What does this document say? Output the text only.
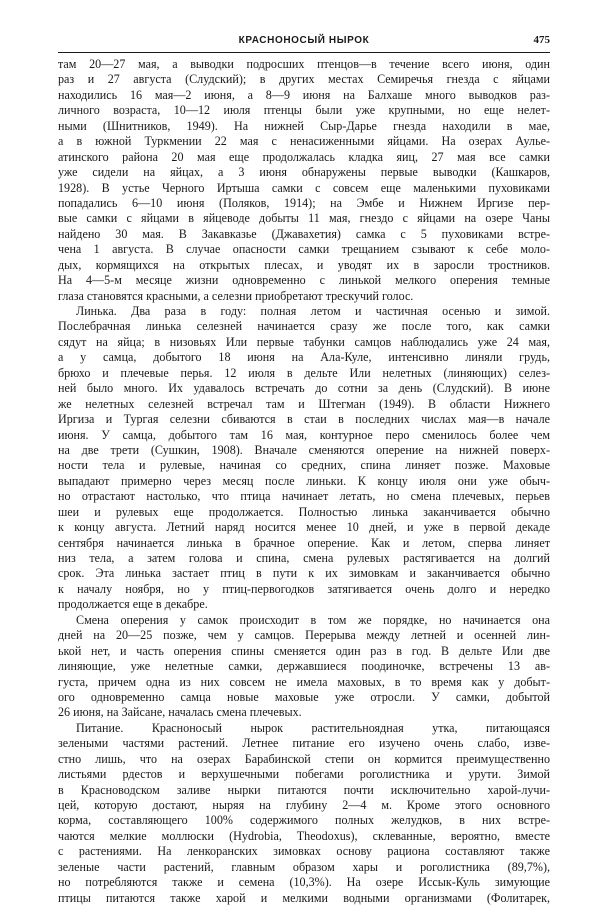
КРАСНОНОСЫЙ НЫРОК	475
там 20—27 мая, а выводки подросших птенцов—в течение всего июня, один
раз и 27 августа (Слудский); в других местах Семиречья гнезда с яйцами
находились 16 мая—2 июня, а 8—9 июня на Балхаше много выводков раз-
личного возраста, 10—12 июля птенцы были уже крупными, но еще нелет-
ными (Шнитников, 1949). На нижней Сыр-Дарье гнезда находили в мае,
а в южной Туркмении 22 мая с ненасиженными яйцами. На озерах Аулье-
атинского района 20 мая еще продолжалась кладка яиц, 27 мая все самки
уже сидели на яйцах, а 3 июня обнаружены первые выводки (Кашкаров,
1928). В устье Черного Иртыша самки с совсем еще маленькими пуховиками
попадались 6—10 июня (Поляков, 1914); на Эмбе и Нижнем Иргизе пер-
вые самки с яйцами в яйцеводе добыты 11 мая, гнездо с яйцами на озере Чаны
найдено 30 мая. В Закавказье (Джавахетия) самка с 5 пуховиками встре-
чена 1 августа. В случае опасности самки трещанием сзывают к себе моло-
дых, кормящихся на открытых плесах, и уводят их в заросли тростников.
На 4—5-м месяце жизни одновременно с линькой мелкого оперения темные
глаза становятся красными, а селезни приобретают трескучий голос.
Линька. Два раза в году: полная летом и частичная осенью и зимой.
Послебрачная линька селезней начинается сразу же после того, как самки
сядут на яйца; в низовьях Или первые табунки самцов наблюдались уже 24 мая,
а у самца, добытого 18 июня на Ала-Куле, интенсивно линяли грудь,
брюхо и плечевые перья. 12 июля в дельте Или нелетных (линяющих) селез-
ней было много. Их удавалось встречать до сотни за день (Слудский). В июне
же нелетных селезней встречал там и Штегман (1949). В области Нижнего
Иргиза и Тургая селезни сбиваются в стаи в последних числах мая—в начале
июня. У самца, добытого там 16 мая, контурное перо сменилось более чем
на две трети (Сушкин, 1908). Вначале сменяются оперение на нижней поверх-
ности тела и рулевые, начиная со средних, спина линяет позже. Маховые
выпадают примерно через месяц после линьки. К концу июля они уже обыч-
но отрастают настолько, что птица начинает летать, но смена плечевых, перьев
шеи и рулевых еще продолжается. Полностью линька заканчивается обычно
к концу августа. Летний наряд носится менее 10 дней, и уже в первой декаде
сентября начинается линька в брачное оперение. Как и летом, сперва линяет
низ тела, а затем голова и спина, смена рулевых растягивается на долгий
срок. Эта линька застает птиц в пути к их зимовкам и заканчивается обычно
к началу ноября, но у птиц-первогодков затягивается очень долго и нередко
продолжается еще в декабре.
Смена оперения у самок происходит в том же порядке, но начинается она
дней на 20—25 позже, чем у самцов. Перерыва между летней и осенней лин-
ькой нет, и часть оперения спины сменяется один раз в год. В дельте Или две
линяющие, уже нелетные самки, державшиеся поодиночке, встречены 13 ав-
густа, причем одна из них совсем не имела маховых, в то время как у добыт-
ого одновременно самца новые маховые уже отросли. У самки, добытой
26 июня, на Зайсане, началась смена плечевых.
Питание. Красноносый нырок растительноядная утка, питающаяся
зелеными частями растений. Летнее питание его изучено очень слабо, изве-
стно лишь, что на озерах Барабинской степи он кормится преимущественно
листьями рдестов и верхушечными побегами роголистника и урути. Зимой
в Красноводском заливе нырки питаются почти исключительно харой-лучи-
цей, которую достают, ныряя на глубину 2—4 м. Кроме этого основного
корма, составляющего 100% содержимого полных желудков, в них встре-
чаются мелкие моллюски (Hydrobia, Theodoxus), склеванные, вероятно, вместе
с растениями. На ленкоранских зимовках основу рациона составляют также
зеленые части растений, главным образом хары и роголистника (89,7%),
но потребляются также и семена (10,3%). На озере Иссык-Куль зимующие
птицы питаются также харой и мелкими водными организмами (Фолитарек,
